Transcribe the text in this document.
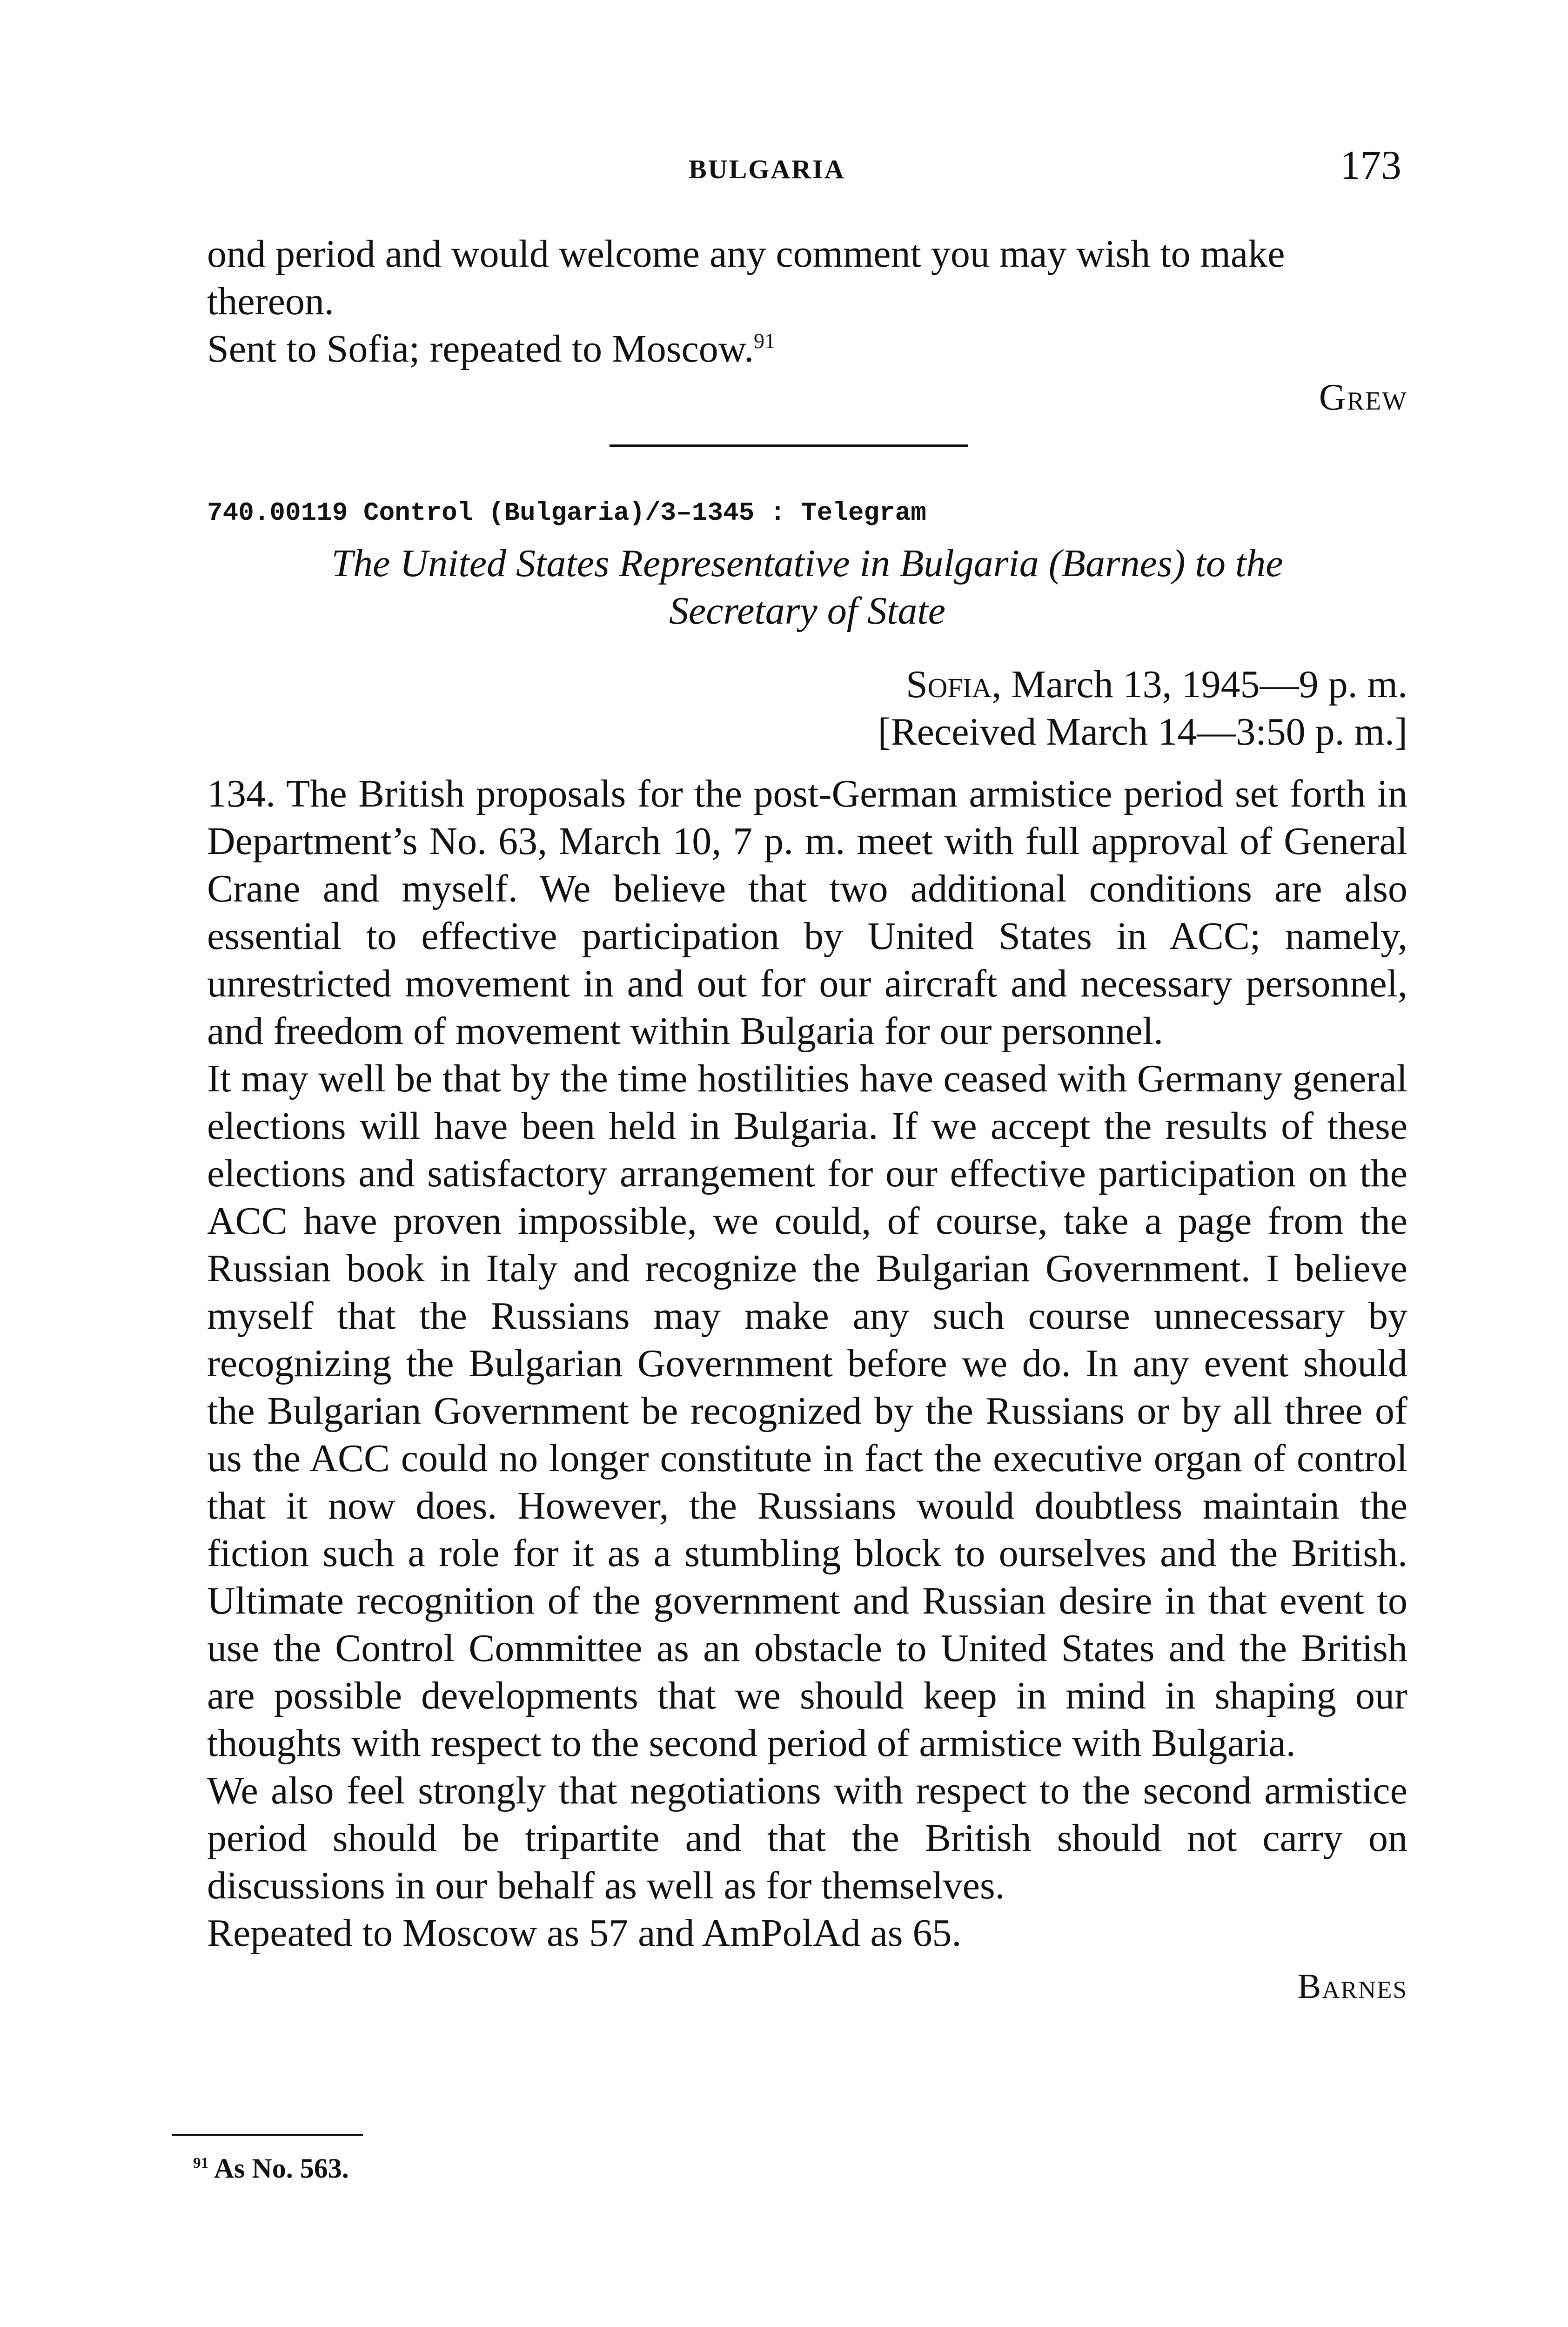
BULGARIA	173

ond period and would welcome any comment you may wish to make

thereon.

Sent to Sofia; repeated to Moscow.$^{91}$

Grew
740.00119 Control (Bulgaria)/3–1345 : Telegram
The United States Representative in Bulgaria (Barnes) to the
Secretary of State
Sofia, March 13, 1945—9 p. m.
[Received March 14—3:50 p. m.]

134. The British proposals for the post-German armistice period set forth in Department’s No. 63, March 10, 7 p. m. meet with full approval of General Crane and myself. We believe that two additional conditions are also essential to effective participation by United States in ACC; namely, unrestricted movement in and out for our aircraft and necessary personnel, and freedom of movement within Bulgaria for our personnel.

It may well be that by the time hostilities have ceased with Germany general elections will have been held in Bulgaria. If we accept the results of these elections and satisfactory arrangement for our effective participation on the ACC have proven impossible, we could, of course, take a page from the Russian book in Italy and recognize the Bulgarian Government. I believe myself that the Russians may make any such course unnecessary by recognizing the Bulgarian Government before we do. In any event should the Bulgarian Government be recognized by the Russians or by all three of us the ACC could no longer constitute in fact the executive organ of control that it now does. However, the Russians would doubtless maintain the fiction such a role for it as a stumbling block to ourselves and the British. Ultimate recognition of the government and Russian desire in that event to use the Control Committee as an obstacle to United States and the British are possible developments that we should keep in mind in shaping our thoughts with respect to the second period of armistice with Bulgaria.

We also feel strongly that negotiations with respect to the second armistice period should be tripartite and that the British should not carry on discussions in our behalf as well as for themselves.

Repeated to Moscow as 57 and AmPolAd as 65.

Barnes
$^{91}$ As No. 563.
